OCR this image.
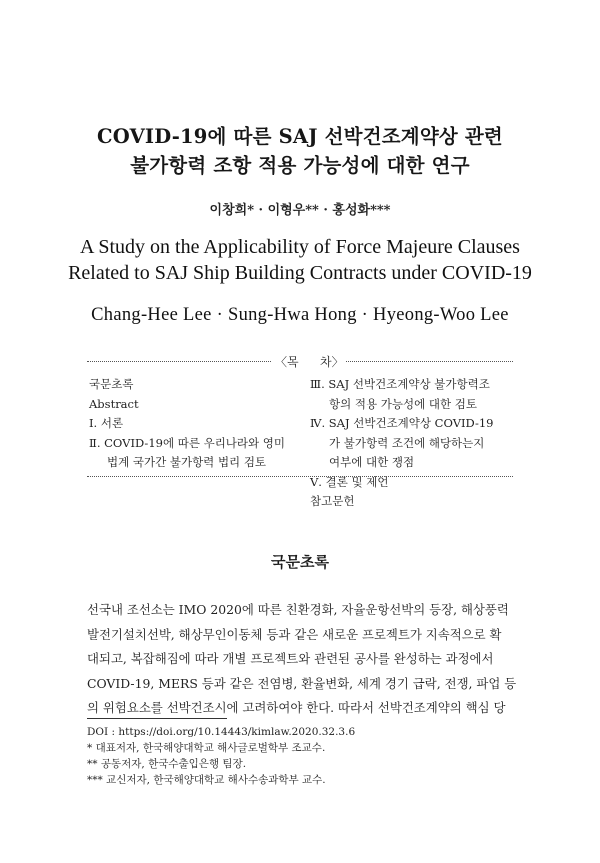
COVID-19에 따른 SAJ 선박건조계약상 관련
불가항력 조항 적용 가능성에 대한 연구
이창희* · 이형우** · 홍성화***
A Study on the Applicability of Force Majeure Clauses
Related to SAJ Ship Building Contracts under COVID-19
Chang-Hee Lee · Sung-Hwa Hong · Hyeong-Woo Lee
〈목 차〉
국문초록
Abstract
Ⅰ. 서론
Ⅱ. COVID-19에 따른 우리나라와 영미
법계 국가간 불가항력 법리 검토
Ⅲ. SAJ 선박건조계약상 불가항력조
항의 적용 가능성에 대한 검토
Ⅳ. SAJ 선박건조계약상 COVID-19
가 불가항력 조건에 해당하는지
여부에 대한 쟁점
Ⅴ. 결론 및 제언
참고문헌
국문초록
선국내 조선소는 IMO 2020에 따른 친환경화, 자율운항선박의 등장, 해상풍력
발전기설치선박, 해상무인이동체 등과 같은 새로운 프로젝트가 지속적으로 확
대되고, 복잡해짐에 따라 개별 프로젝트와 관련된 공사를 완성하는 과정에서
COVID-19, MERS 등과 같은 전염병, 환율변화, 세계 경기 급락, 전쟁, 파업 등
의 위험요소를 선박건조시에 고려하여야 한다. 따라서 선박건조계약의 핵심 당
DOI : https://doi.org/10.14443/kimlaw.2020.32.3.6
* 대표저자, 한국해양대학교 해사글로벌학부 조교수.
** 공동저자, 한국수출입은행 팀장.
*** 교신저자, 한국해양대학교 해사수송과학부 교수.
